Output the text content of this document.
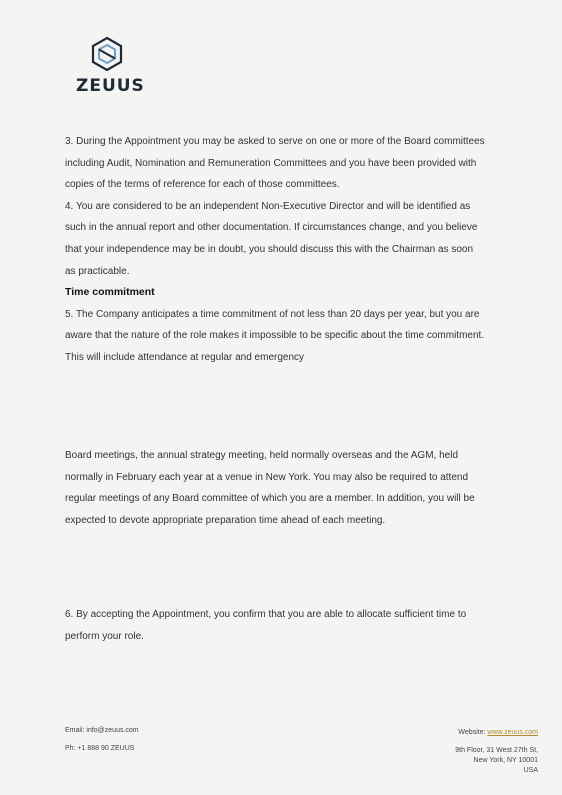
ZEUUS

3. During the Appointment you may be asked to serve on one or more of the Board committees including Audit, Nomination and Remuneration Committees and you have been provided with copies of the terms of reference for each of those committees.

4. You are considered to be an independent Non-Executive Director and will be identified as such in the annual report and other documentation. If circumstances change, and you believe that your independence may be in doubt, you should discuss this with the Chairman as soon as practicable.

Time commitment

5. The Company anticipates a time commitment of not less than 20 days per year, but you are aware that the nature of the role makes it impossible to be specific about the time commitment. This will include attendance at regular and emergency

Board meetings, the annual strategy meeting, held normally overseas and the AGM, held normally in February each year at a venue in New York. You may also be required to attend regular meetings of any Board committee of which you are a member. In addition, you will be expected to devote appropriate preparation time ahead of each meeting.

6. By accepting the Appointment, you confirm that you are able to allocate sufficient time to perform your role.

Email: info@zeuus.com
Ph: +1 888 90 ZEUUS
Website: www.zeuus.com
9th Floor, 31 West 27th St,
New York, NY 10001
USA
